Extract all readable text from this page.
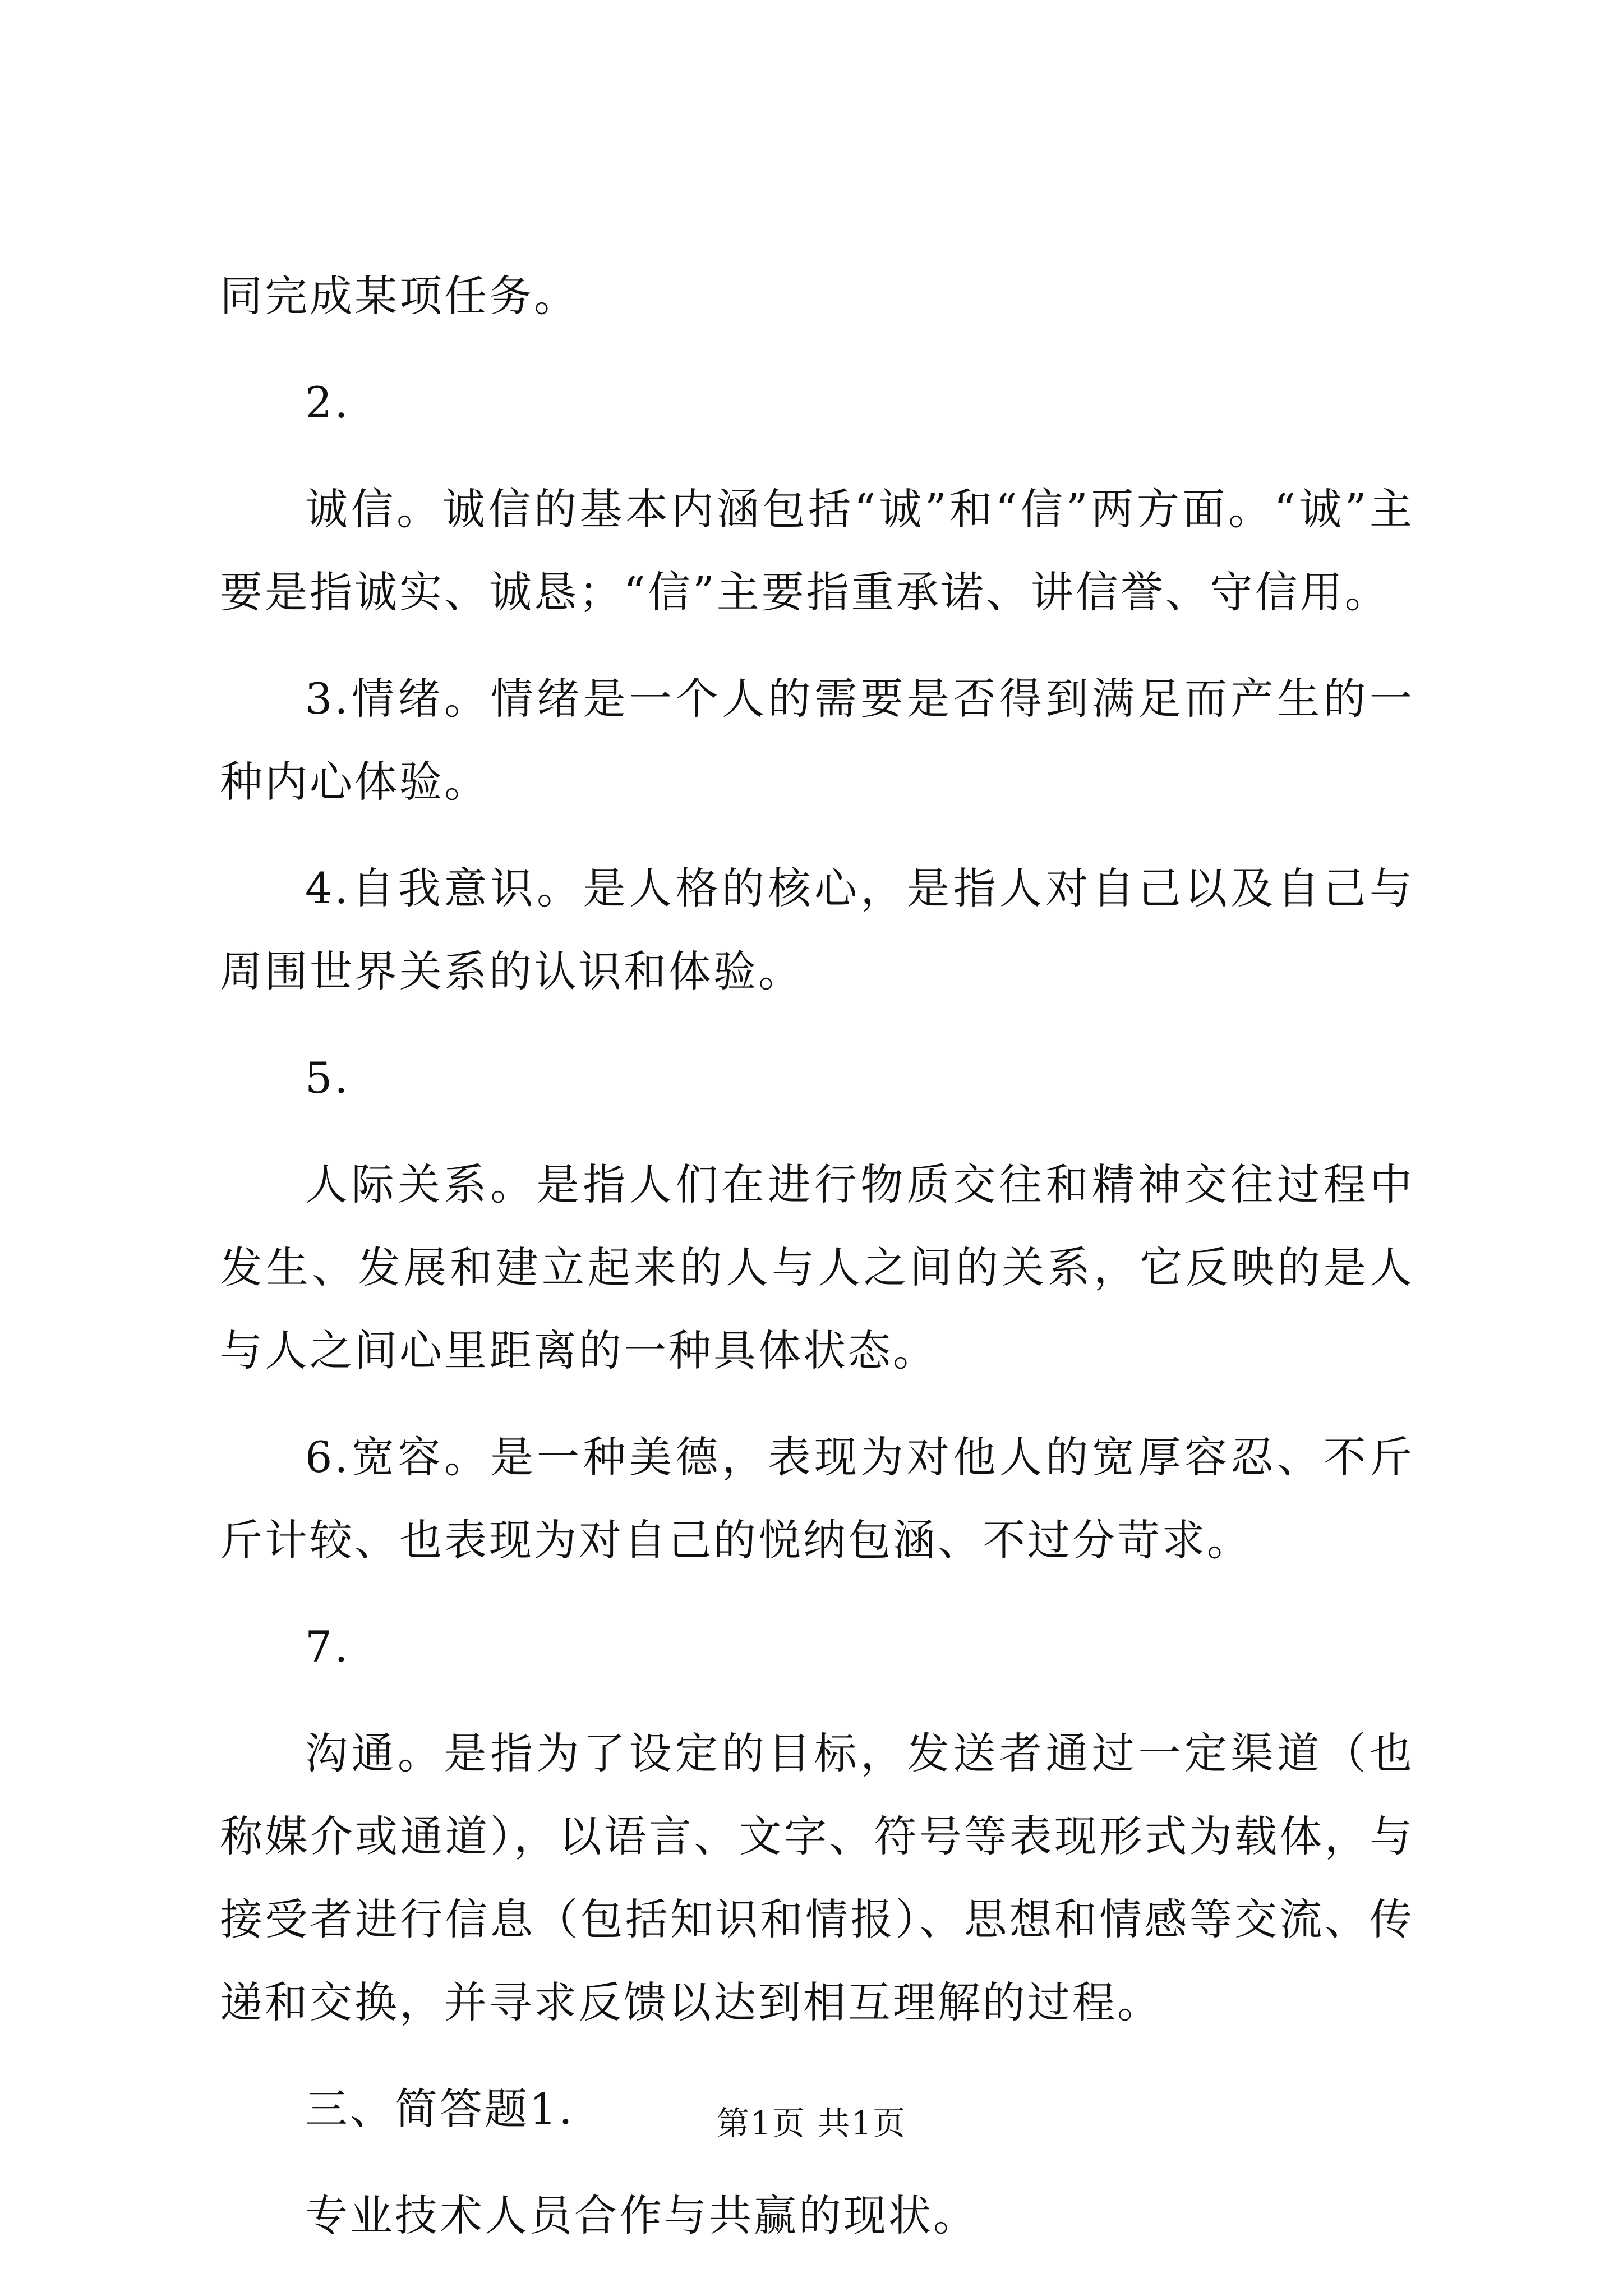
同完成某项任务。

2.

诚信。诚信的基本内涵包括“诚”和“信”两方面。“诚”主要是指诚实、诚恳；“信”主要指重承诺、讲信誉、守信用。

3.情绪。情绪是一个人的需要是否得到满足而产生的一种内心体验。

4.自我意识。是人格的核心，是指人对自己以及自己与周围世界关系的认识和体验。

5.

人际关系。是指人们在进行物质交往和精神交往过程中发生、发展和建立起来的人与人之间的关系，它反映的是人与人之间心里距离的一种具体状态。

6.宽容。是一种美德，表现为对他人的宽厚容忍、不斤斤计较、也表现为对自己的悦纳包涵、不过分苛求。

7.

沟通。是指为了设定的目标，发送者通过一定渠道（也称媒介或通道），以语言、文字、符号等表现形式为载体，与接受者进行信息（包括知识和情报）、思想和情感等交流、传递和交换，并寻求反馈以达到相互理解的过程。

三、简答题1.

专业技术人员合作与共赢的现状。

第1页 共1页
